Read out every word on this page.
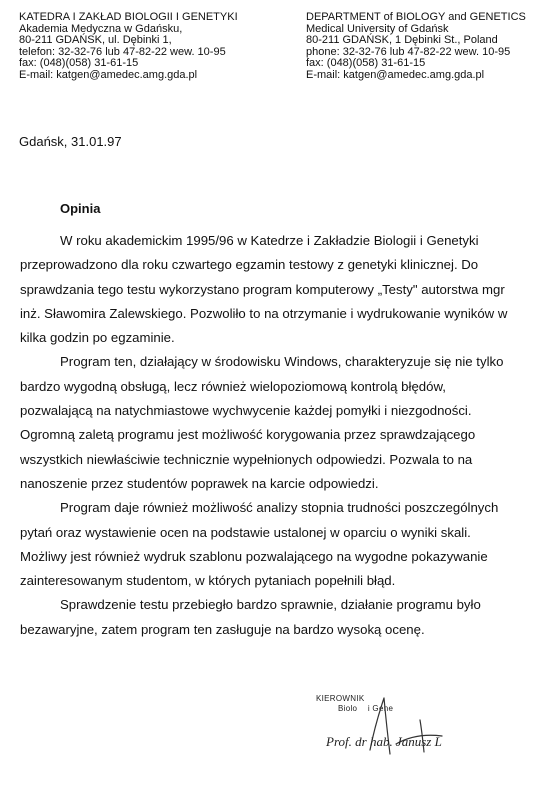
KATEDRA I ZAKŁAD BIOLOGII I GENETYKI
Akademia Medyczna w Gdańsku,
80-211 GDAŃSK, ul. Dębinki 1,
telefon: 32-32-76 lub 47-82-22 wew. 10-95
fax: (048)(058) 31-61-15
E-mail: katgen@amedec.amg.gda.pl
DEPARTMENT of BIOLOGY and GENETICS
Medical University of Gdańsk
80-211 GDAŃSK, 1 Dębinki St., Poland
phone: 32-32-76 lub 47-82-22 wew. 10-95
fax: (048)(058) 31-61-15
E-mail: katgen@amedec.amg.gda.pl
Gdańsk, 31.01.97
Opinia

W roku akademickim 1995/96 w Katedrze i Zakładzie Biologii i Genetyki
przeprowadzono dla roku czwartego egzamin testowy z genetyki klinicznej. Do
sprawdzania tego testu wykorzystano program komputerowy „Testy" autorstwa mgr
inż. Sławomira Zalewskiego. Pozwoliło to na otrzymanie i wydrukowanie wyników w
kilka godzin po egzaminie.

Program ten, działający w środowisku Windows, charakteryzuje się nie tylko
bardzo wygodną obsługą, lecz również wielopoziomową kontrolą błędów,
pozwalającą na natychmiastowe wychwycenie każdej pomyłki i niezgodności.
Ogromną zaletą programu jest możliwość korygowania przez sprawdzającego
wszystkich niewłaściwie technicznie wypełnionych odpowiedzi. Pozwala to na
nanoszenie przez studentów poprawek na karcie odpowiedzi.

Program daje również możliwość analizy stopnia trudności poszczególnych
pytań oraz wystawienie ocen na podstawie ustalonej w oparciu o wyniki skali.
Możliwy jest również wydruk szablonu pozwalającego na wygodne pokazywanie
zainteresowanym studentom, w których pytaniach popełnili błąd.

Sprawdzenie testu przebiegło bardzo sprawnie, działanie programu było
bezawaryjne, zatem program ten zasługuje na bardzo wysoką ocenę.

KIEROWNIK
Biolo i Gene
Prof. dr hab. Janusz L
